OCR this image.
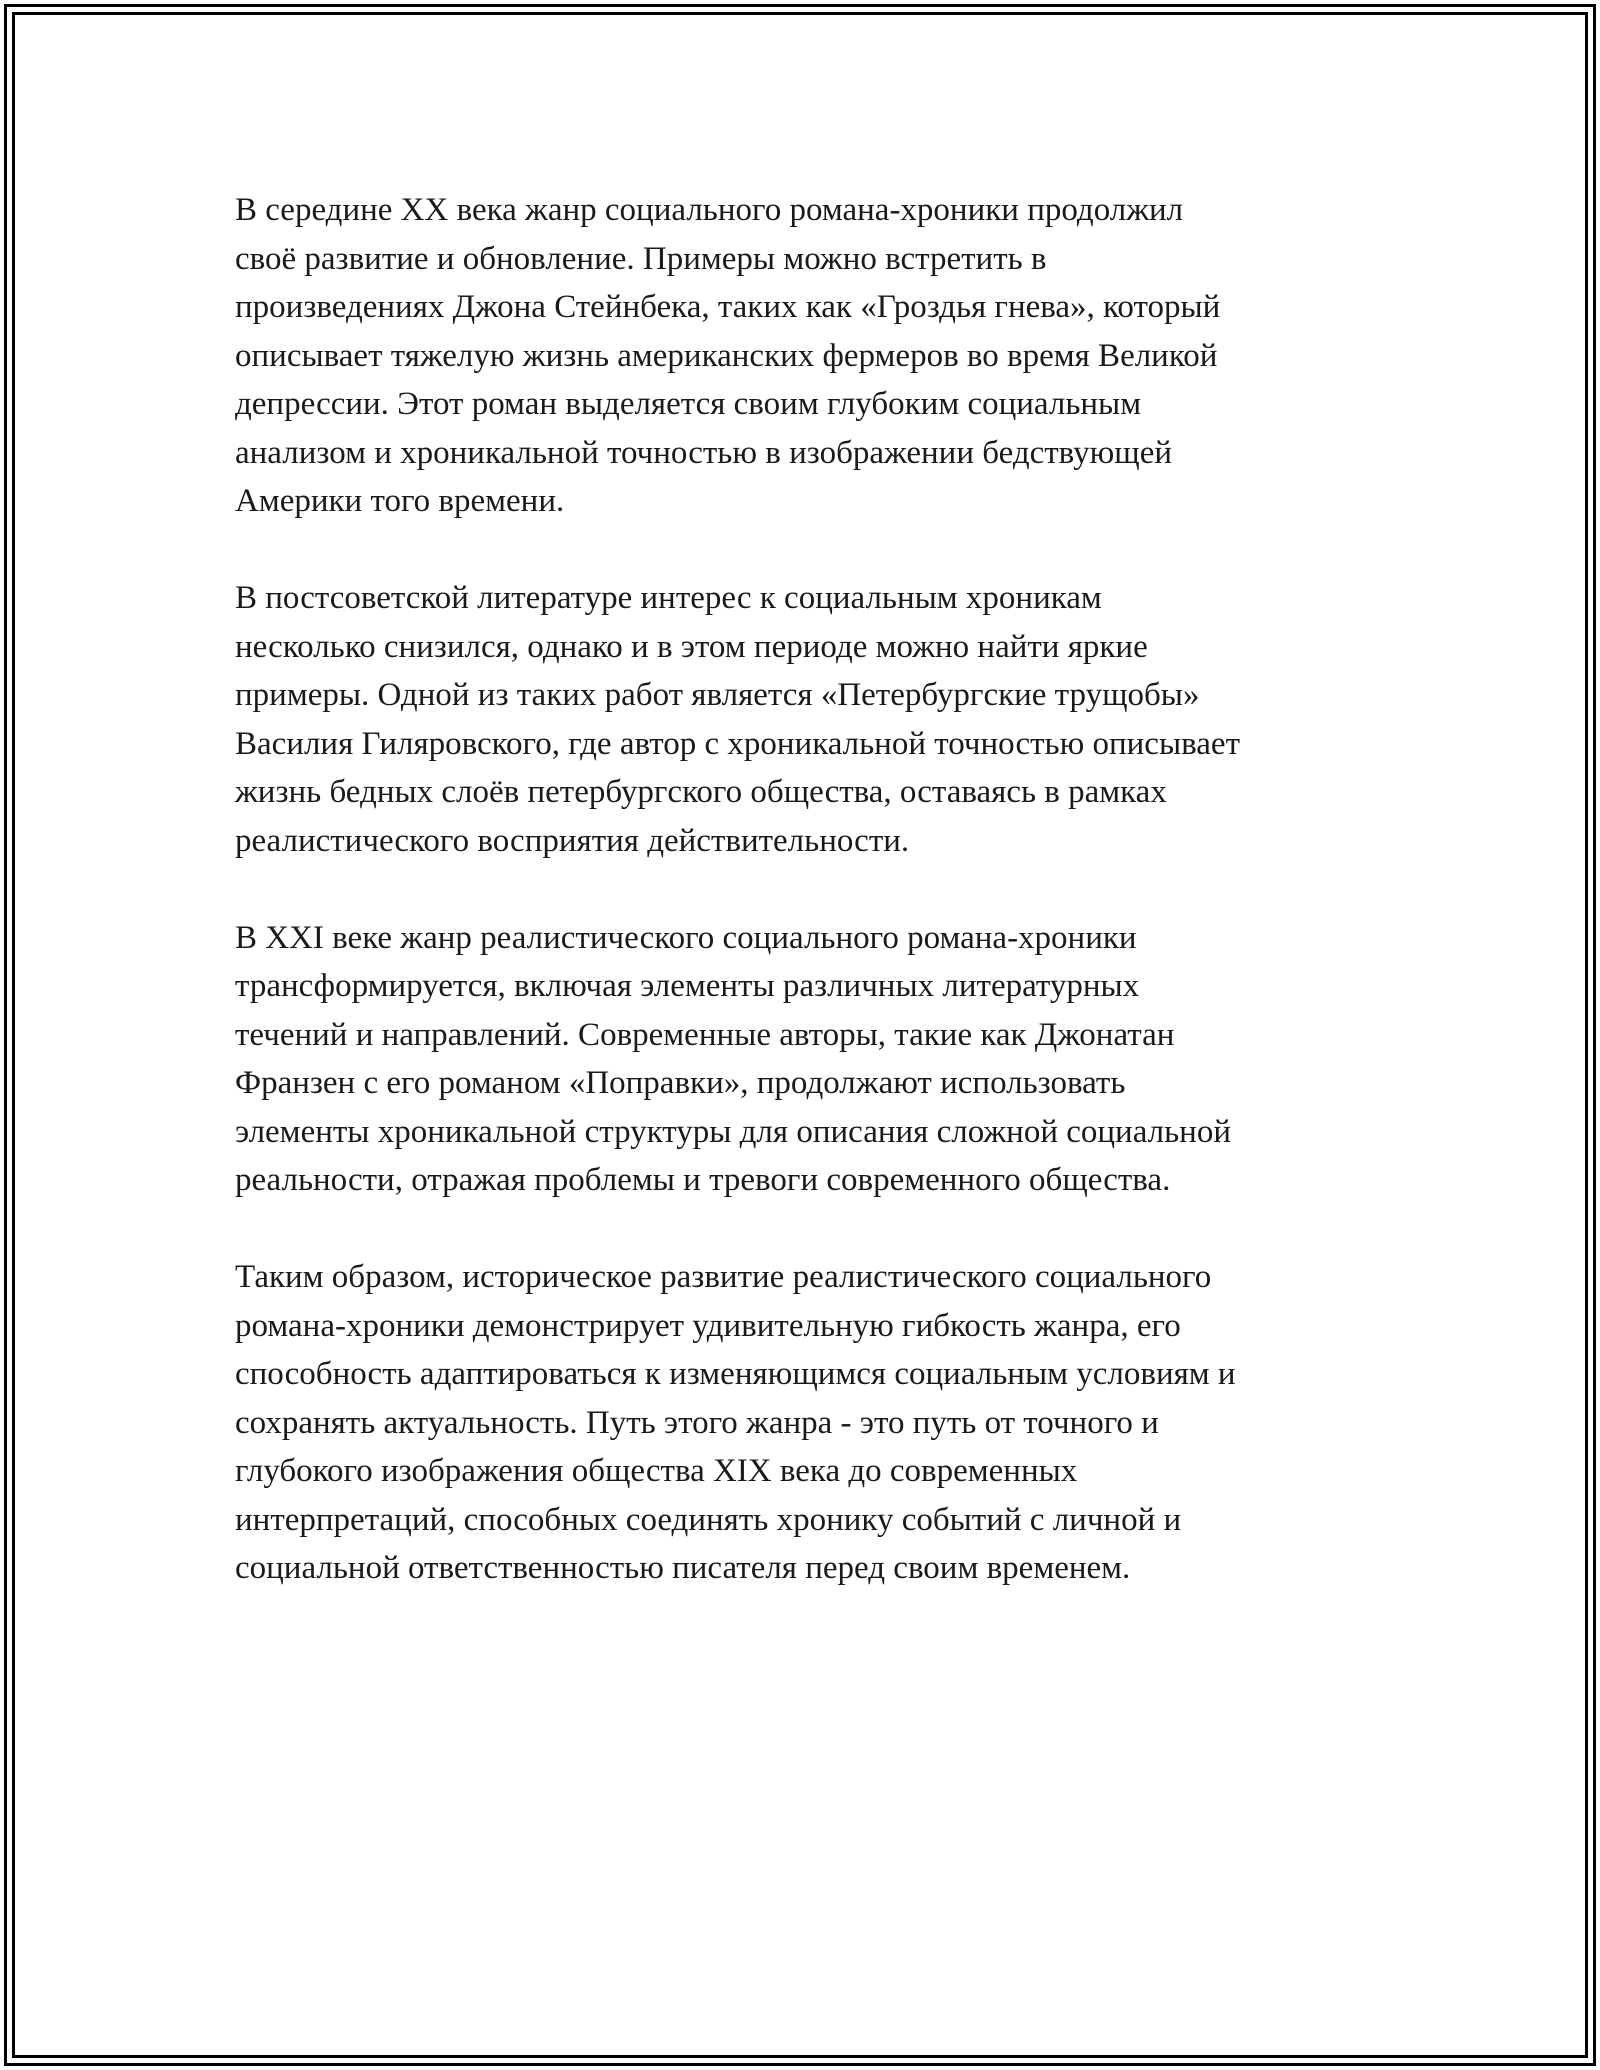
В середине XX века жанр социального романа-хроники продолжил
своё развитие и обновление. Примеры можно встретить в
произведениях Джона Стейнбека, таких как «Гроздья гнева», который
описывает тяжелую жизнь американских фермеров во время Великой
депрессии. Этот роман выделяется своим глубоким социальным
анализом и хроникальной точностью в изображении бедствующей
Америки того времени.

В постсоветской литературе интерес к социальным хроникам
несколько снизился, однако и в этом периоде можно найти яркие
примеры. Одной из таких работ является «Петербургские трущобы»
Василия Гиляровского, где автор с хроникальной точностью описывает
жизнь бедных слоёв петербургского общества, оставаясь в рамках
реалистического восприятия действительности.

В XXI веке жанр реалистического социального романа-хроники
трансформируется, включая элементы различных литературных
течений и направлений. Современные авторы, такие как Джонатан
Франзен с его романом «Поправки», продолжают использовать
элементы хроникальной структуры для описания сложной социальной
реальности, отражая проблемы и тревоги современного общества.

Таким образом, историческое развитие реалистического социального
романа-хроники демонстрирует удивительную гибкость жанра, его
способность адаптироваться к изменяющимся социальным условиям и
сохранять актуальность. Путь этого жанра - это путь от точного и
глубокого изображения общества XIX века до современных
интерпретаций, способных соединять хронику событий с личной и
социальной ответственностью писателя перед своим временем.
